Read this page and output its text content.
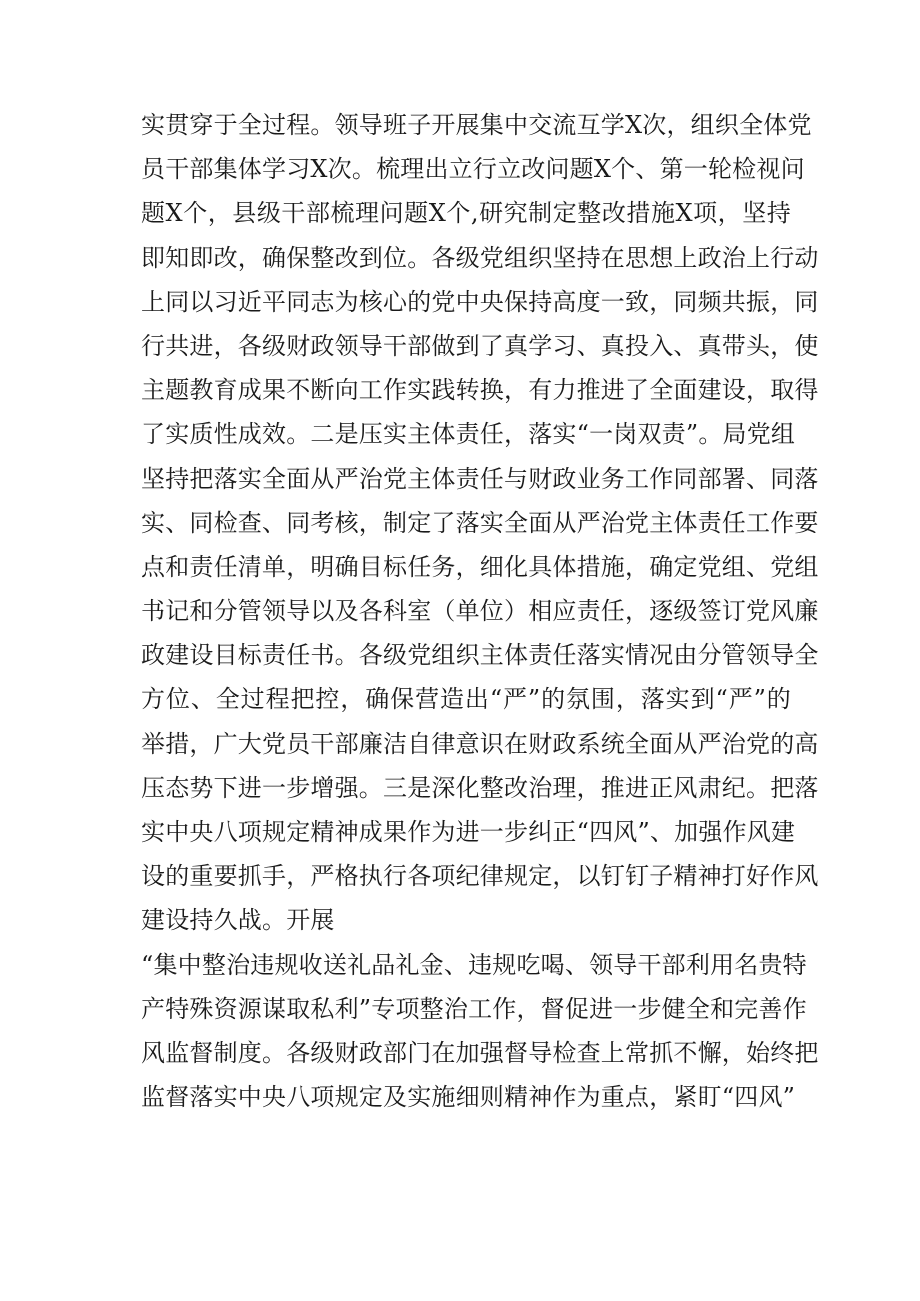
实贯穿于全过程。领导班子开展集中交流互学X次，组织全体党
员干部集体学习X次。梳理出立行立改问题X个、第一轮检视问
题X个，县级干部梳理问题X个,研究制定整改措施X项，坚持
即知即改，确保整改到位。各级党组织坚持在思想上政治上行动
上同以习近平同志为核心的党中央保持高度一致，同频共振，同
行共进，各级财政领导干部做到了真学习、真投入、真带头，使
主题教育成果不断向工作实践转换，有力推进了全面建设，取得
了实质性成效。二是压实主体责任，落实“一岗双责”。局党组
坚持把落实全面从严治党主体责任与财政业务工作同部署、同落
实、同检查、同考核，制定了落实全面从严治党主体责任工作要
点和责任清单，明确目标任务，细化具体措施，确定党组、党组
书记和分管领导以及各科室（单位）相应责任，逐级签订党风廉
政建设目标责任书。各级党组织主体责任落实情况由分管领导全
方位、全过程把控，确保营造出“严”的氛围，落实到“严”的
举措，广大党员干部廉洁自律意识在财政系统全面从严治党的高
压态势下进一步增强。三是深化整改治理，推进正风肃纪。把落
实中央八项规定精神成果作为进一步纠正“四风”、加强作风建
设的重要抓手，严格执行各项纪律规定，以钉钉子精神打好作风
建设持久战。开展
“集中整治违规收送礼品礼金、违规吃喝、领导干部利用名贵特
产特殊资源谋取私利”专项整治工作，督促进一步健全和完善作
风监督制度。各级财政部门在加强督导检查上常抓不懈，始终把
监督落实中央八项规定及实施细则精神作为重点，紧盯“四风”
